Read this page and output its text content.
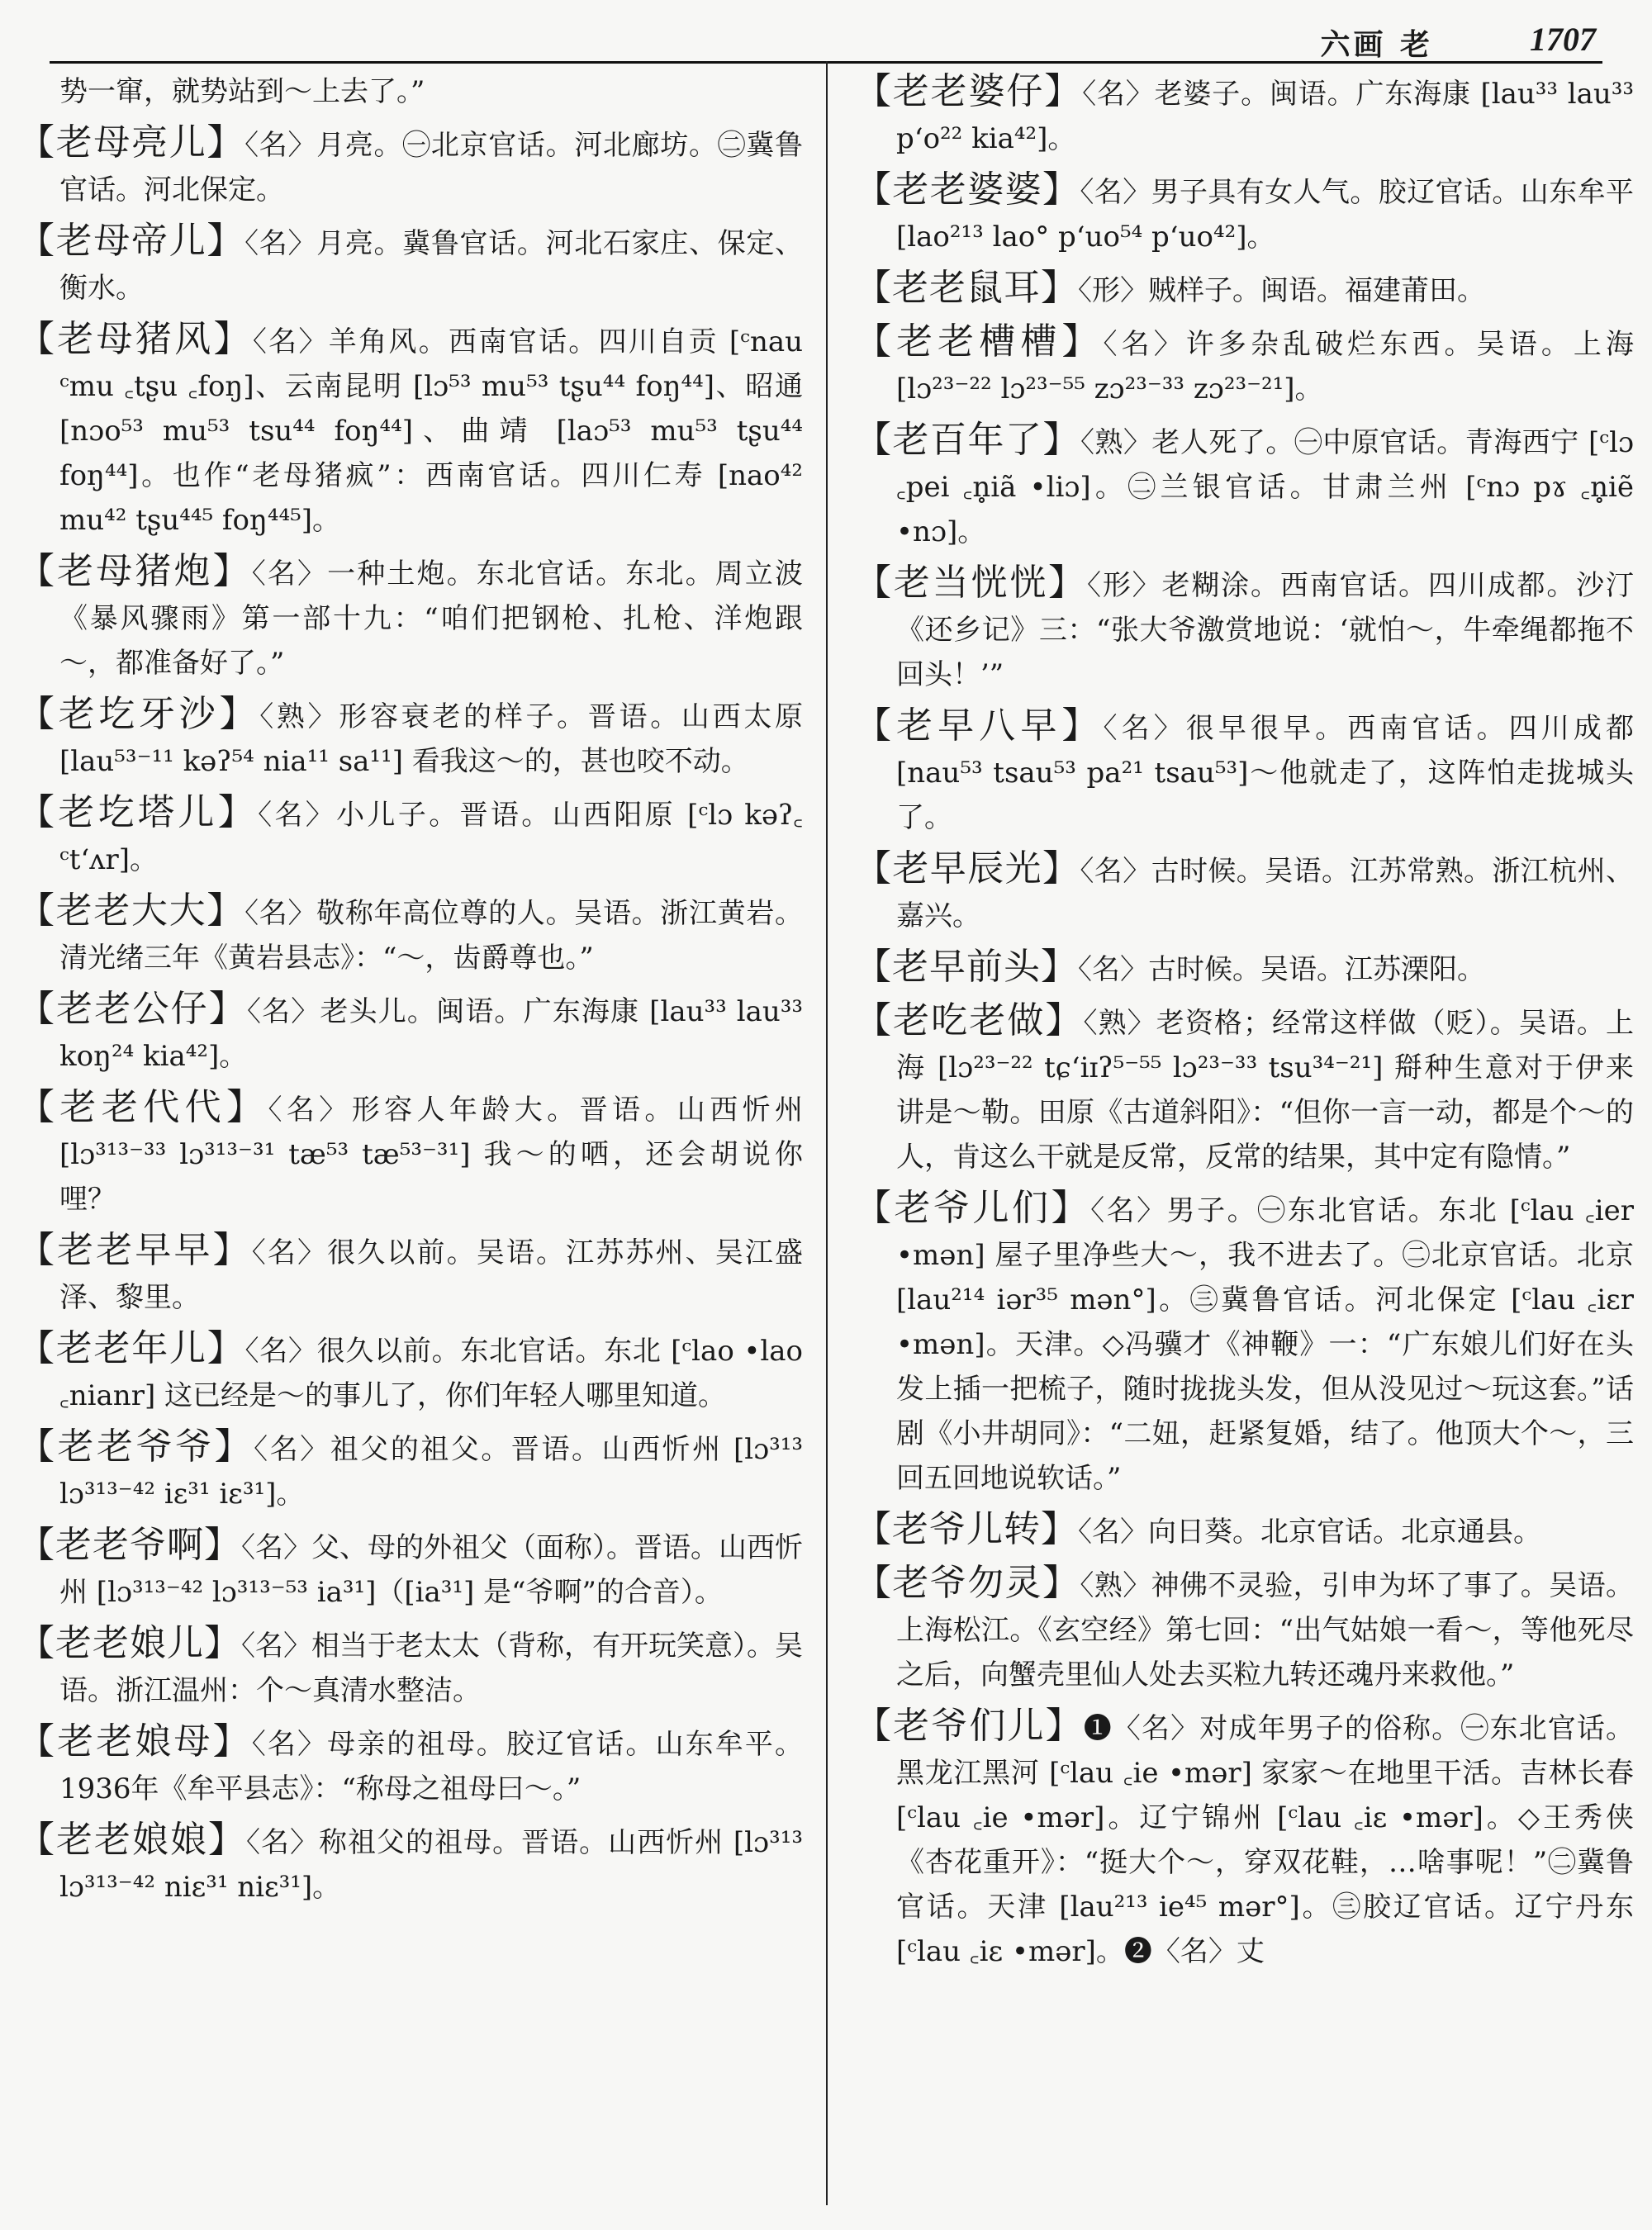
六画 老	1707

势一窜，就势站到～上去了。”

【老母亮儿】〈名〉月亮。㊀北京官话。河北廊坊。㊁冀鲁官话。河北保定。

【老母帝儿】〈名〉月亮。冀鲁官话。河北石家庄、保定、衡水。

【老母猪风】〈名〉羊角风。西南官话。四川自贡 [ᶜnau ᶜmu ꜀tʂu ꜀foŋ]、云南昆明 [lɔ⁵³ mu⁵³ tʂu⁴⁴ foŋ⁴⁴]、昭通 [nɔo⁵³ mu⁵³ tsu⁴⁴ foŋ⁴⁴]、曲靖 [laɔ⁵³ mu⁵³ tʂu⁴⁴ foŋ⁴⁴]。也作“老母猪疯”：西南官话。四川仁寿 [nao⁴² mu⁴² tʂu⁴⁴⁵ foŋ⁴⁴⁵]。

【老母猪炮】〈名〉一种土炮。东北官话。东北。周立波《暴风骤雨》第一部十九：“咱们把钢枪、扎枪、洋炮跟～，都准备好了。”

【老圪牙沙】〈熟〉形容衰老的样子。晋语。山西太原 [lau⁵³⁻¹¹ kəʔ⁵⁴ nia¹¹ sa¹¹] 看我这～的，甚也咬不动。

【老圪塔儿】〈名〉小儿子。晋语。山西阳原 [ᶜlɔ kəʔ꜀ ᶜt‘ʌr]。

【老老大大】〈名〉敬称年高位尊的人。吴语。浙江黄岩。清光绪三年《黄岩县志》：“～，齿爵尊也。”

【老老公仔】〈名〉老头儿。闽语。广东海康 [lau³³ lau³³ koŋ²⁴ kia⁴²]。

【老老代代】〈名〉形容人年龄大。晋语。山西忻州 [lɔ³¹³⁻³³ lɔ³¹³⁻³¹ tæ⁵³ tæ⁵³⁻³¹] 我～的哂，还会胡说你哩？

【老老早早】〈名〉很久以前。吴语。江苏苏州、吴江盛泽、黎里。

【老老年儿】〈名〉很久以前。东北官话。东北 [ᶜlao •lao ꜀nianr] 这已经是～的事儿了，你们年轻人哪里知道。

【老老爷爷】〈名〉祖父的祖父。晋语。山西忻州 [lɔ³¹³ lɔ³¹³⁻⁴² iɛ³¹ iɛ³¹]。

【老老爷啊】〈名〉父、母的外祖父（面称）。晋语。山西忻州 [lɔ³¹³⁻⁴² lɔ³¹³⁻⁵³ ia³¹]（[ia³¹] 是“爷啊”的合音）。

【老老娘儿】〈名〉相当于老太太（背称，有开玩笑意）。吴语。浙江温州：个～真清水整洁。

【老老娘母】〈名〉母亲的祖母。胶辽官话。山东牟平。1936年《牟平县志》：“称母之祖母曰～。”

【老老娘娘】〈名〉称祖父的祖母。晋语。山西忻州 [lɔ³¹³ lɔ³¹³⁻⁴² niɛ³¹ niɛ³¹]。

【老老婆仔】〈名〉老婆子。闽语。广东海康 [lau³³ lau³³ p‘o²² kia⁴²]。

【老老婆婆】〈名〉男子具有女人气。胶辽官话。山东牟平 [lao²¹³ lao° p‘uo⁵⁴ p‘uo⁴²]。

【老老鼠耳】〈形〉贼样子。闽语。福建莆田。

【老老槽槽】〈名〉许多杂乱破烂东西。吴语。上海 [lɔ²³⁻²² lɔ²³⁻⁵⁵ zɔ²³⁻³³ zɔ²³⁻²¹]。

【老百年了】〈熟〉老人死了。㊀中原官话。青海西宁 [ᶜlɔ ꜀pei ꜀n̥iã •liɔ]。㊁兰银官话。甘肃兰州 [ᶜnɔ pɤ ꜀n̥iẽ •nɔ]。

【老当恍恍】〈形〉老糊涂。西南官话。四川成都。沙汀《还乡记》三：“张大爷激赏地说：‘就怕～，牛牵绳都拖不回头！’”

【老早八早】〈名〉很早很早。西南官话。四川成都 [nau⁵³ tsau⁵³ pa²¹ tsau⁵³]～他就走了，这阵怕走拢城头了。

【老早辰光】〈名〉古时候。吴语。江苏常熟。浙江杭州、嘉兴。

【老早前头】〈名〉古时候。吴语。江苏溧阳。

【老吃老做】〈熟〉老资格；经常这样做（贬）。吴语。上海 [lɔ²³⁻²² tɕ‘iɪʔ⁵⁻⁵⁵ lɔ²³⁻³³ tsu³⁴⁻²¹] 搿种生意对于伊来讲是～勒。田原《古道斜阳》：“但你一言一动，都是个～的人，肯这么干就是反常，反常的结果，其中定有隐情。”

【老爷儿们】〈名〉男子。㊀东北官话。东北 [ᶜlau ꜀ier •mən] 屋子里净些大～，我不进去了。㊁北京官话。北京 [lau²¹⁴ iər³⁵ mən°]。㊂冀鲁官话。河北保定 [ᶜlau ꜀iɛr •mən]。天津。◇冯骥才《神鞭》一：“广东娘儿们好在头发上插一把梳子，随时拢拢头发，但从没见过～玩这套。”话剧《小井胡同》：“二妞，赶紧复婚，结了。他顶大个～，三回五回地说软话。”

【老爷儿转】〈名〉向日葵。北京官话。北京通县。

【老爷勿灵】〈熟〉神佛不灵验，引申为坏了事了。吴语。上海松江。《玄空经》第七回：“出气姑娘一看～，等他死尽之后，向蟹壳里仙人处去买粒九转还魂丹来救他。”

【老爷们儿】❶〈名〉对成年男子的俗称。㊀东北官话。黑龙江黑河 [ᶜlau ꜀ie •mər] 家家～在地里干活。吉林长春 [ᶜlau ꜀ie •mər]。辽宁锦州 [ᶜlau ꜀iɛ •mər]。◇王秀侠《杏花重开》：“挺大个～，穿双花鞋，…啥事呢！”㊁冀鲁官话。天津 [lau²¹³ ie⁴⁵ mər°]。㊂胶辽官话。辽宁丹东 [ᶜlau ꜀iɛ •mər]。❷〈名〉丈
